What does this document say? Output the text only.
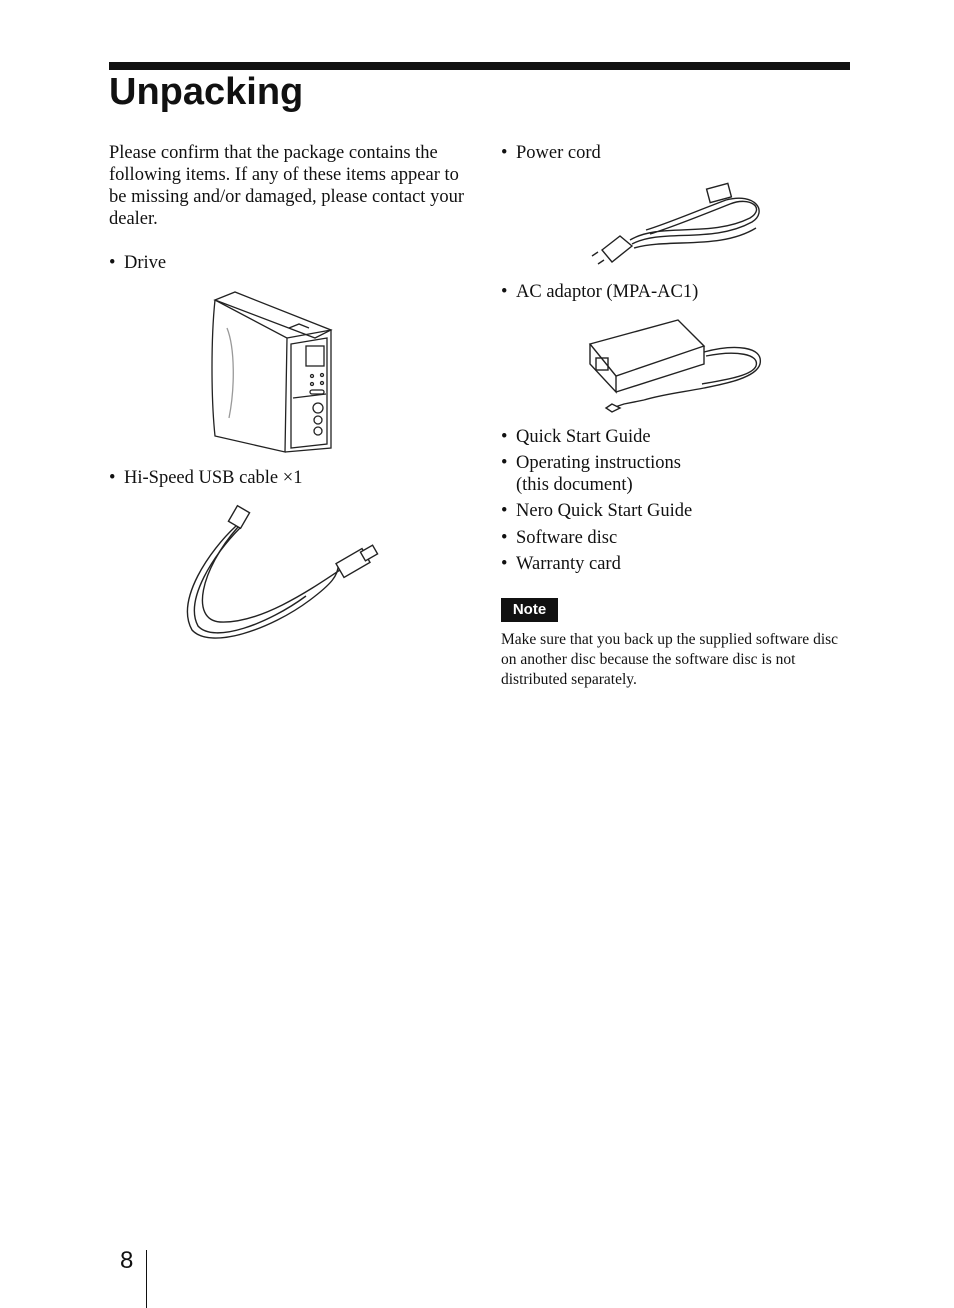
Unpacking

Please confirm that the package contains the following items. If any of these items appear to be missing and/or damaged, please contact your dealer.

• Drive
• Hi-Speed USB cable ×1
• Power cord
• AC adaptor (MPA-AC1)
• Quick Start Guide
• Operating instructions
(this document)
• Nero Quick Start Guide
• Software disc
• Warranty card
Note

Make sure that you back up the supplied software disc on another disc because the software disc is not distributed separately.

8
